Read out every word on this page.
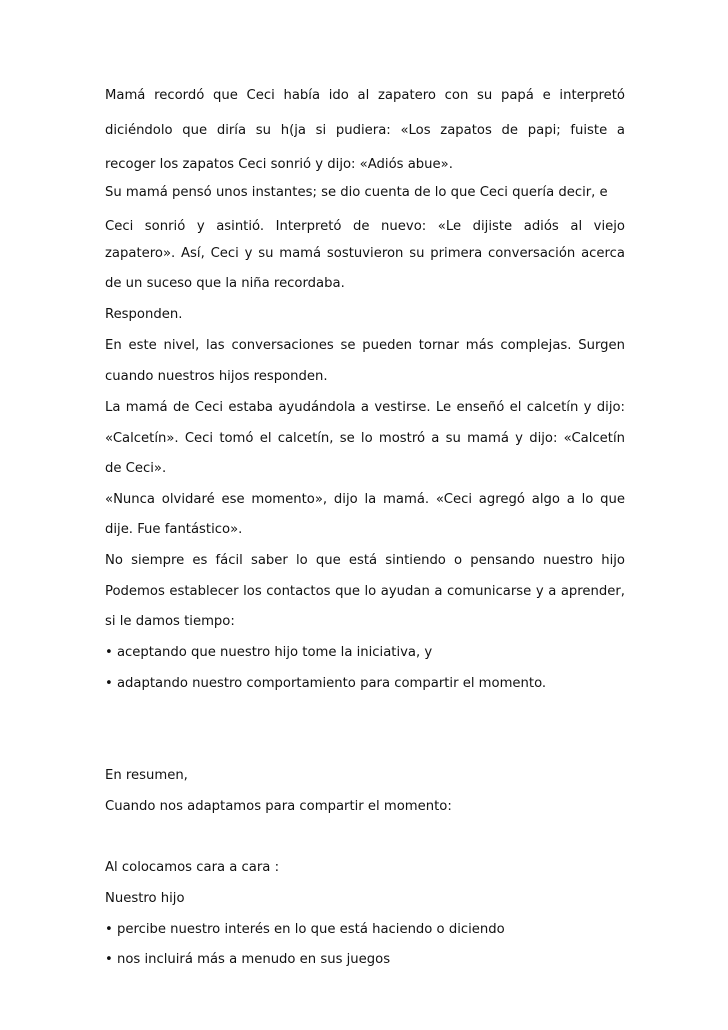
Mamá recordó que Ceci había ido al zapatero con su papá e interpretó
diciéndolo que diría su h(ja si pudiera: «Los zapatos de papi; fuiste a
recoger los zapatos Ceci sonrió y dijo: «Adiós abue».
Su mamá pensó unos instantes; se dio cuenta de lo que Ceci quería decir, e
Ceci sonrió y asintió. Interpretó de nuevo: «Le dijiste adiós al viejo
zapatero». Así, Ceci y su mamá sostuvieron su primera conversación acerca
de un suceso que la niña recordaba.
Responden.
En este nivel, las conversaciones se pueden tornar más complejas. Surgen
cuando nuestros hijos responden.
La mamá de Ceci estaba ayudándola a vestirse. Le enseñó el calcetín y dijo:
«Calcetín». Ceci tomó el calcetín, se lo mostró a su mamá y dijo: «Calcetín
de Ceci».
«Nunca olvidaré ese momento», dijo la mamá. «Ceci agregó algo a lo que
dije. Fue fantástico».
No siempre es fácil saber lo que está sintiendo o pensando nuestro hijo
Podemos establecer los contactos que lo ayudan a comunicarse y a aprender,
si le damos tiempo:
• aceptando que nuestro hijo tome la iniciativa, y
• adaptando nuestro comportamiento para compartir el momento.
En resumen,
Cuando nos adaptamos para compartir el momento:
Al colocamos cara a cara :
Nuestro hijo
• percibe nuestro interés en lo que está haciendo o diciendo
• nos incluirá más a menudo en sus juegos
